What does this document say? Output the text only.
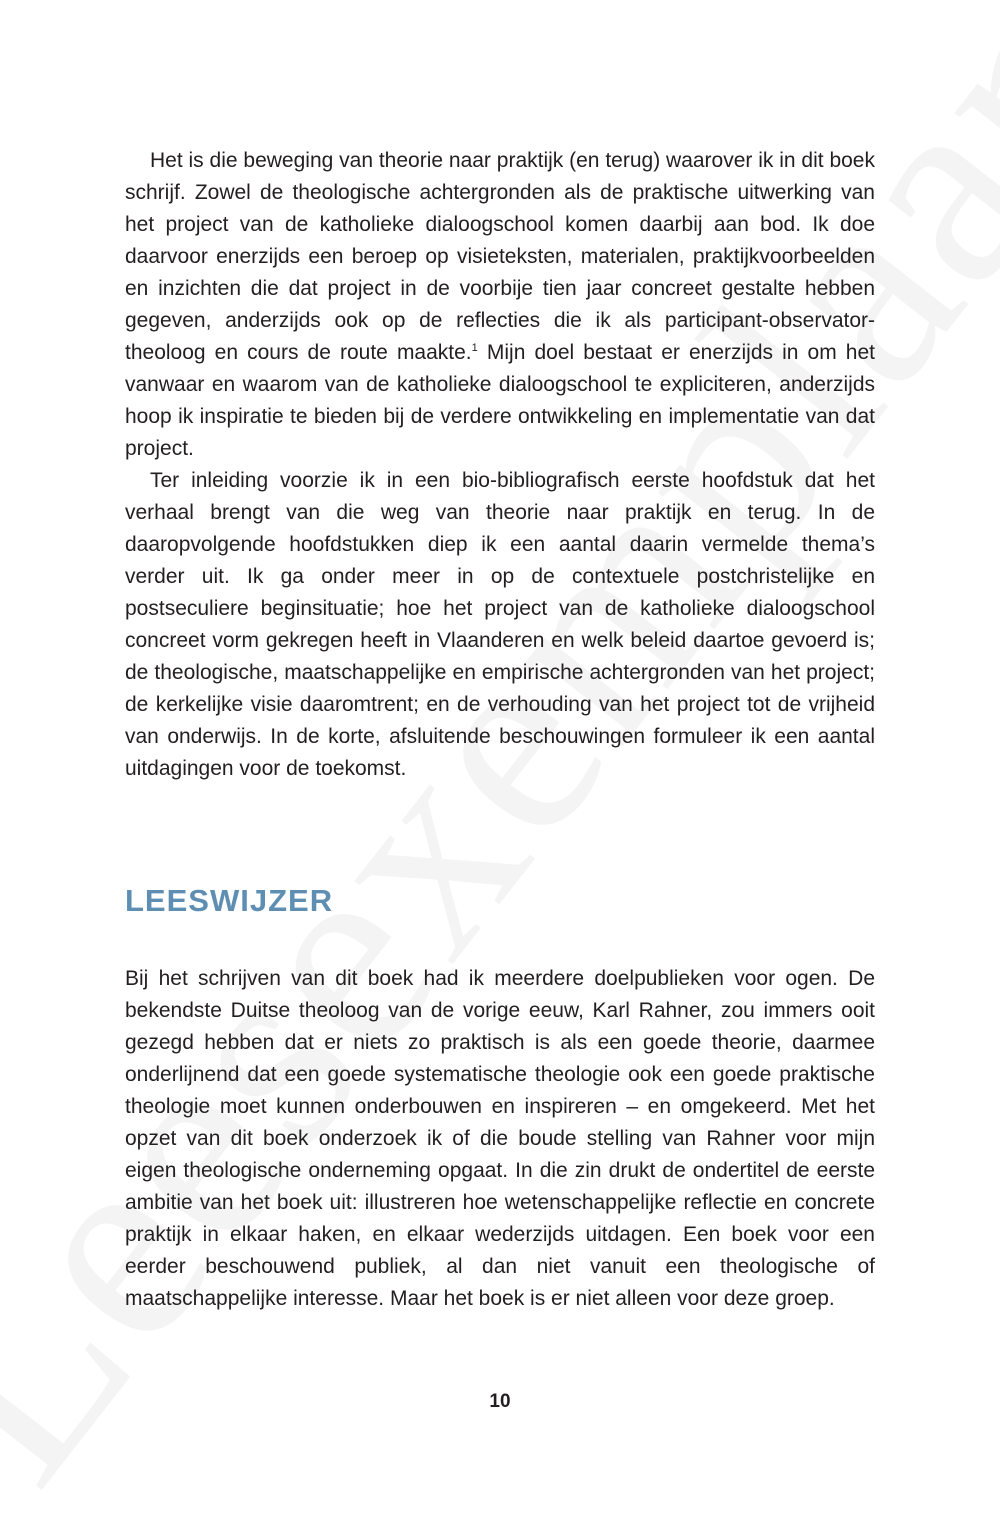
Het is die beweging van theorie naar praktijk (en terug) waarover ik in dit boek schrijf. Zowel de theologische achtergronden als de praktische uitwerking van het project van de katholieke dialoogschool komen daarbij aan bod. Ik doe daarvoor enerzijds een beroep op visieteksten, materialen, praktijkvoorbeelden en inzichten die dat project in de voorbije tien jaar concreet gestalte hebben gegeven, anderzijds ook op de reflecties die ik als participant-observator-theoloog en cours de route maakte.$^1$ Mijn doel bestaat er enerzijds in om het vanwaar en waarom van de katholieke dialoogschool te expliciteren, anderzijds hoop ik inspiratie te bieden bij de verdere ontwikkeling en implementatie van dat project.

Ter inleiding voorzie ik in een bio-bibliografisch eerste hoofdstuk dat het verhaal brengt van die weg van theorie naar praktijk en terug. In de daaropvolgende hoofdstukken diep ik een aantal daarin vermelde thema’s verder uit. Ik ga onder meer in op de contextuele postchristelijke en postseculiere beginsituatie; hoe het project van de katholieke dialoogschool concreet vorm gekregen heeft in Vlaanderen en welk beleid daartoe gevoerd is; de theologische, maatschappelijke en empirische achtergronden van het project; de kerkelijke visie daaromtrent; en de verhouding van het project tot de vrijheid van onderwijs. In de korte, afsluitende beschouwingen formuleer ik een aantal uitdagingen voor de toekomst.

LEESWIJZER

Bij het schrijven van dit boek had ik meerdere doelpublieken voor ogen. De bekendste Duitse theoloog van de vorige eeuw, Karl Rahner, zou immers ooit gezegd hebben dat er niets zo praktisch is als een goede theorie, daarmee onderlijnend dat een goede systematische theologie ook een goede praktische theologie moet kunnen onderbouwen en inspireren – en omgekeerd. Met het opzet van dit boek onderzoek ik of die boude stelling van Rahner voor mijn eigen theologische onderneming opgaat. In die zin drukt de ondertitel de eerste ambitie van het boek uit: illustreren hoe wetenschappelijke reflectie en concrete praktijk in elkaar haken, en elkaar wederzijds uitdagen. Een boek voor een eerder beschouwend publiek, al dan niet vanuit een theologische of maatschappelijke interesse. Maar het boek is er niet alleen voor deze groep.

10
